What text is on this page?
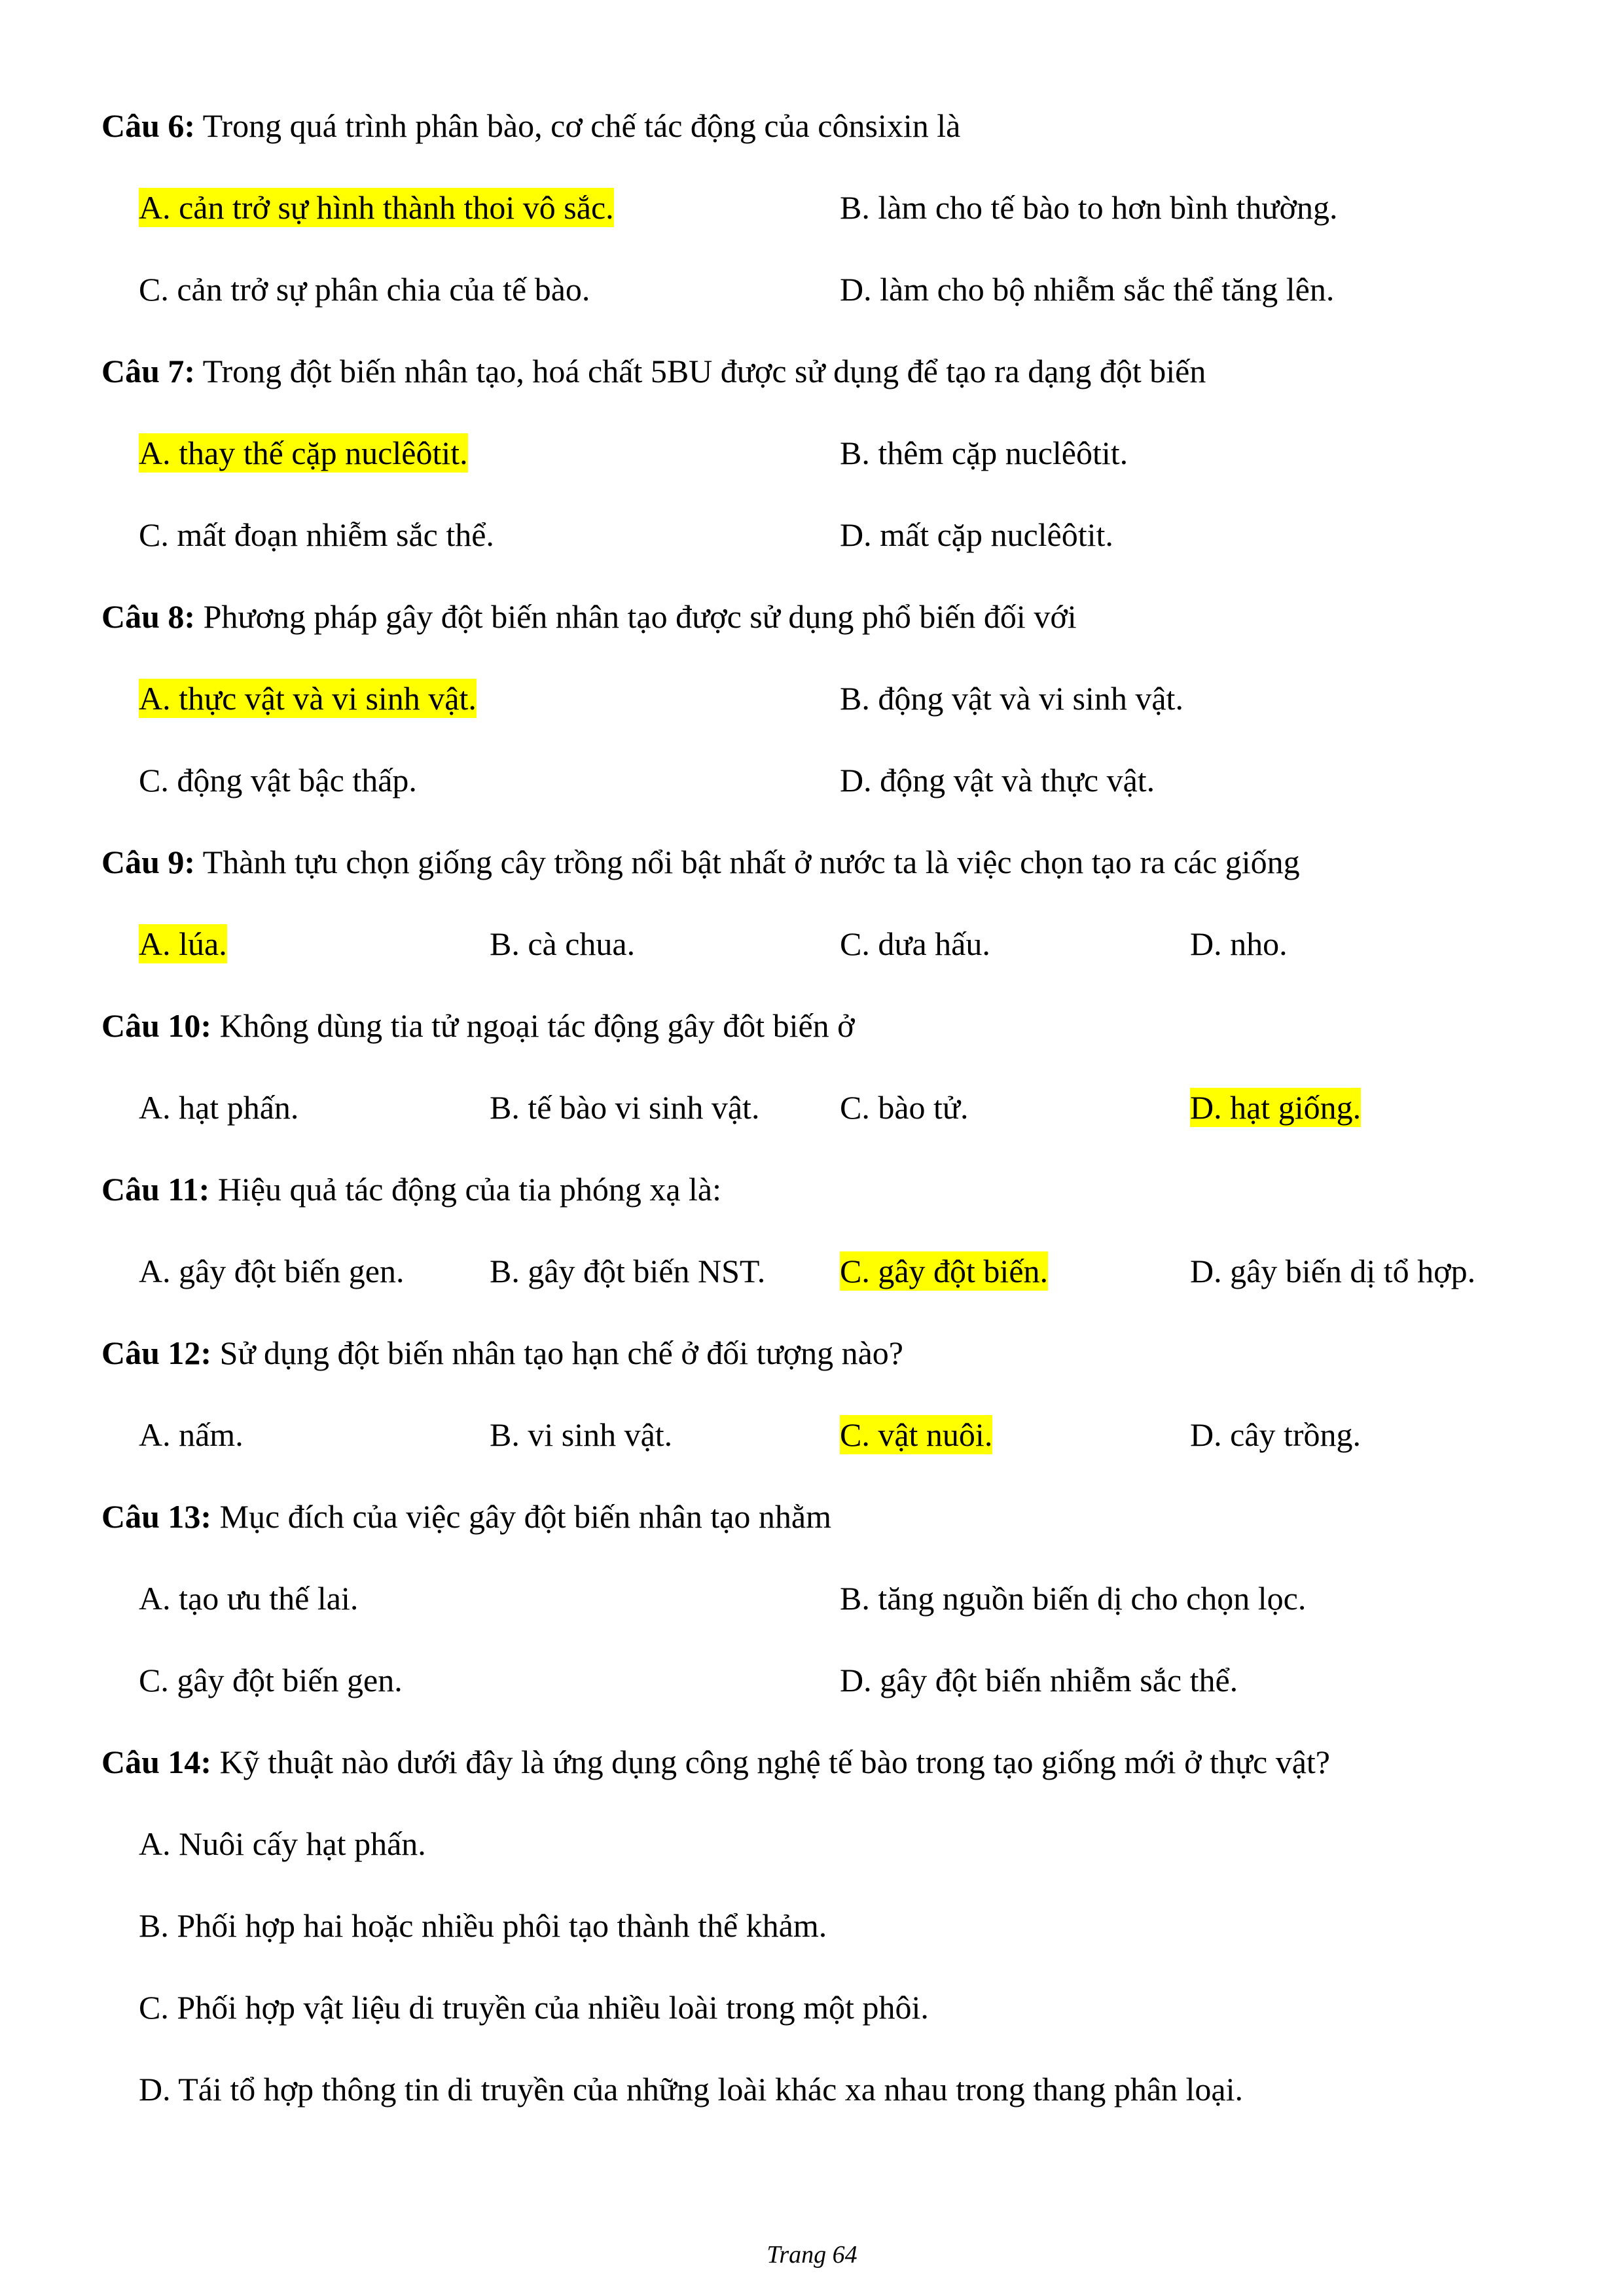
Câu 6: Trong quá trình phân bào, cơ chế tác động của cônsixin là
A. cản trở sự hình thành thoi vô sắc.	B. làm cho tế bào to hơn bình thường.
C. cản trở sự phân chia của tế bào.	D. làm cho bộ nhiễm sắc thể tăng lên.
Câu 7: Trong đột biến nhân tạo, hoá chất 5BU được sử dụng để tạo ra dạng đột biến
A. thay thế cặp nuclêôtit.	B. thêm cặp nuclêôtit.
C. mất đoạn nhiễm sắc thể.	D. mất cặp nuclêôtit.
Câu 8: Phương pháp gây đột biến nhân tạo được sử dụng phổ biến đối với
A. thực vật và vi sinh vật.	B. động vật và vi sinh vật.
C. động vật bậc thấp.	D. động vật và thực vật.
Câu 9: Thành tựu chọn giống cây trồng nổi bật nhất ở nước ta là việc chọn tạo ra các giống
A. lúa.	B. cà chua.	C. dưa hấu.	D. nho.
Câu 10: Không dùng tia tử ngoại tác động gây đôt biến ở
A. hạt phấn.	B. tế bào vi sinh vật. C. bào tử.	D. hạt giống.
Câu 11: Hiệu quả tác động của tia phóng xạ là:
A. gây đột biến gen.	B. gây đột biến NST. C. gây đột biến.	D. gây biến dị tổ hợp.
Câu 12: Sử dụng đột biến nhân tạo hạn chế ở đối tượng nào?
A. nấm.	B. vi sinh vật.	C. vật nuôi.	D. cây trồng.
Câu 13: Mục đích của việc gây đột biến nhân tạo nhằm
A. tạo ưu thế lai.	B. tăng nguồn biến dị cho chọn lọc.
C. gây đột biến gen.	D. gây đột biến nhiễm sắc thể.
Câu 14: Kỹ thuật nào dưới đây là ứng dụng công nghệ tế bào trong tạo giống mới ở thực vật?
A. Nuôi cấy hạt phấn.
B. Phối hợp hai hoặc nhiều phôi tạo thành thể khảm.
C. Phối hợp vật liệu di truyền của nhiều loài trong một phôi.
D. Tái tổ hợp thông tin di truyền của những loài khác xa nhau trong thang phân loại.
Trang 64
